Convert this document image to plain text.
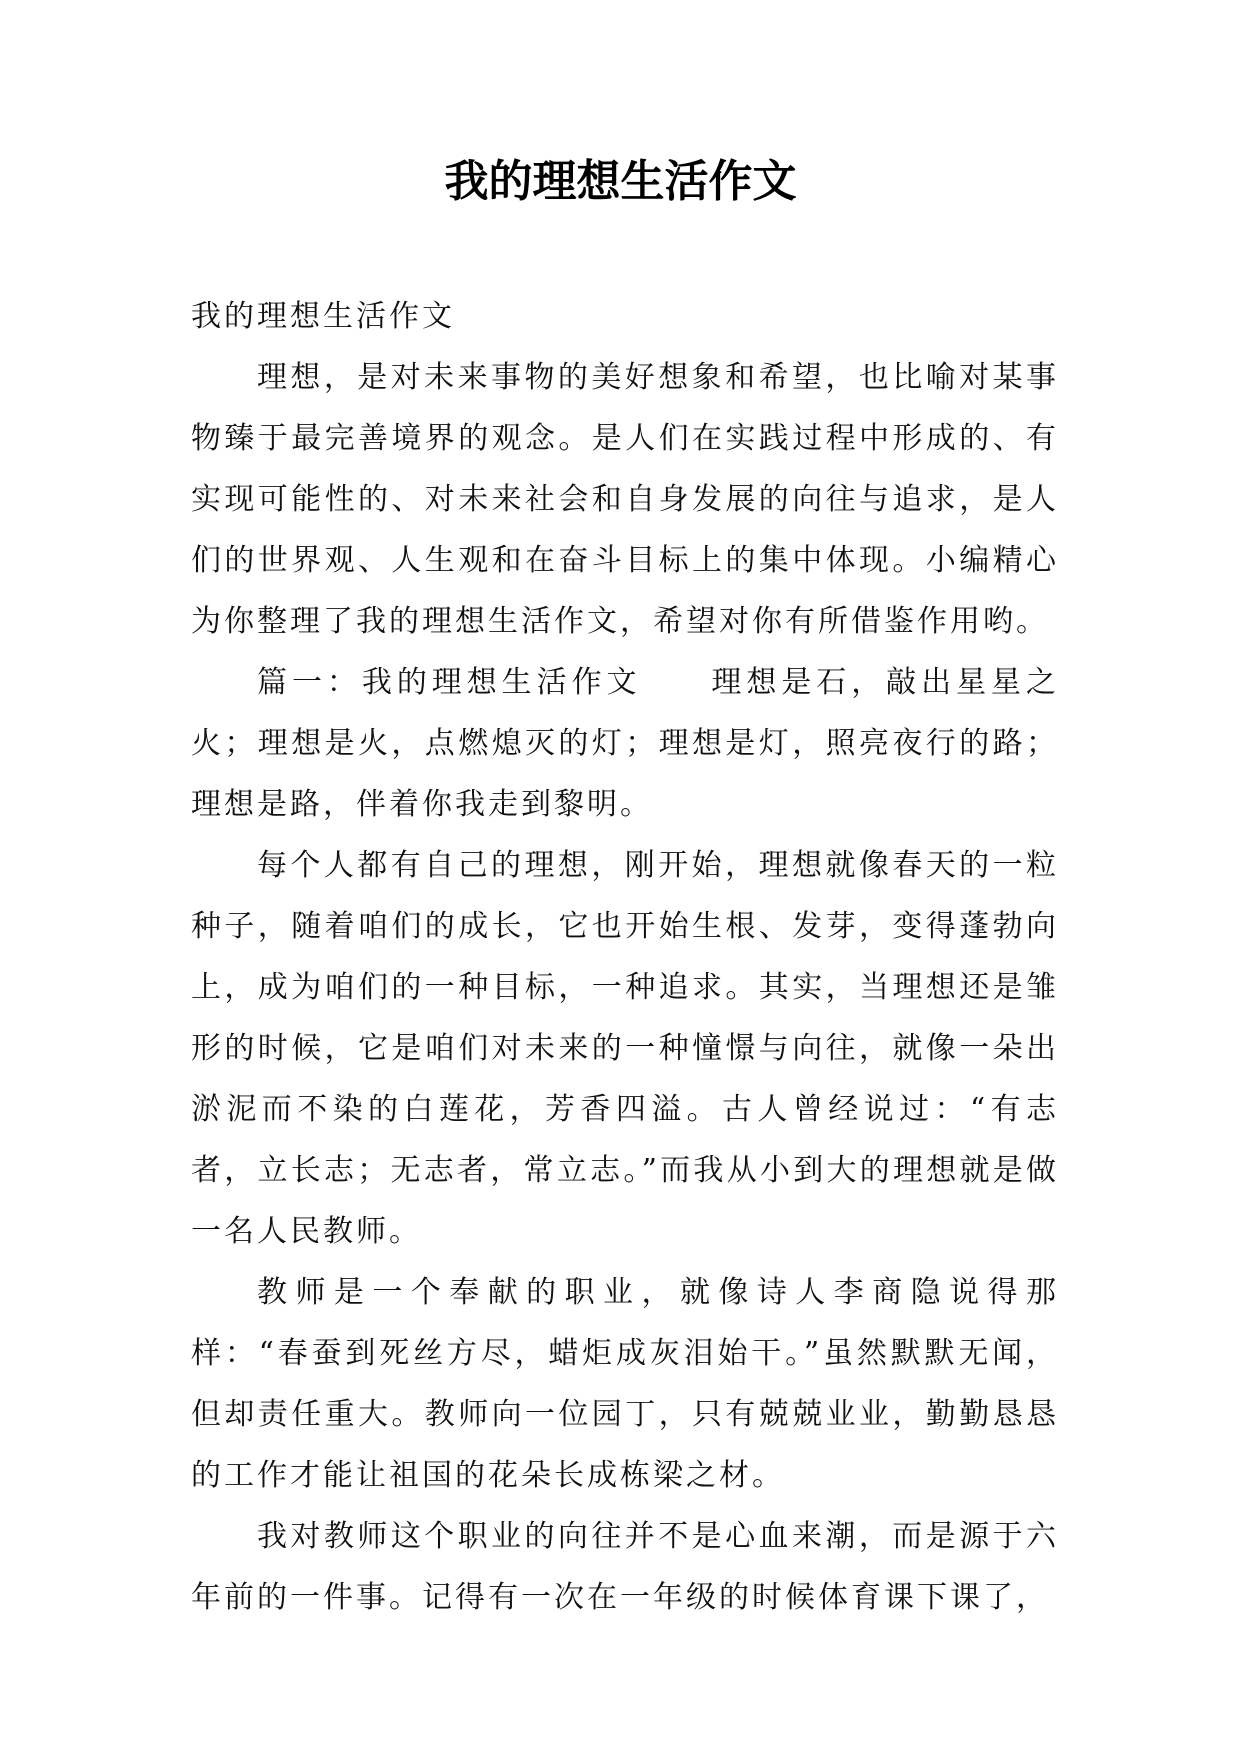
我的理想生活作文

我的理想生活作文

理想，是对未来事物的美好想象和希望，也比喻对某事物臻于最完善境界的观念。是人们在实践过程中形成的、有实现可能性的、对未来社会和自身发展的向往与追求，是人们的世界观、人生观和在奋斗目标上的集中体现。小编精心为你整理了我的理想生活作文，希望对你有所借鉴作用哟。

篇一：我的理想生活作文　　理想是石，敲出星星之火；理想是火，点燃熄灭的灯；理想是灯，照亮夜行的路；理想是路，伴着你我走到黎明。

每个人都有自己的理想，刚开始，理想就像春天的一粒种子，随着咱们的成长，它也开始生根、发芽，变得蓬勃向上，成为咱们的一种目标，一种追求。其实，当理想还是雏形的时候，它是咱们对未来的一种憧憬与向往，就像一朵出淤泥而不染的白莲花，芳香四溢。古人曾经说过：“有志者，立长志；无志者，常立志。”而我从小到大的理想就是做一名人民教师。

教师是一个奉献的职业，就像诗人李商隐说得那样：“春蚕到死丝方尽，蜡炬成灰泪始干。”虽然默默无闻，但却责任重大。教师向一位园丁，只有兢兢业业，勤勤恳恳的工作才能让祖国的花朵长成栋梁之材。

我对教师这个职业的向往并不是心血来潮，而是源于六年前的一件事。记得有一次在一年级的时候体育课下课了，
